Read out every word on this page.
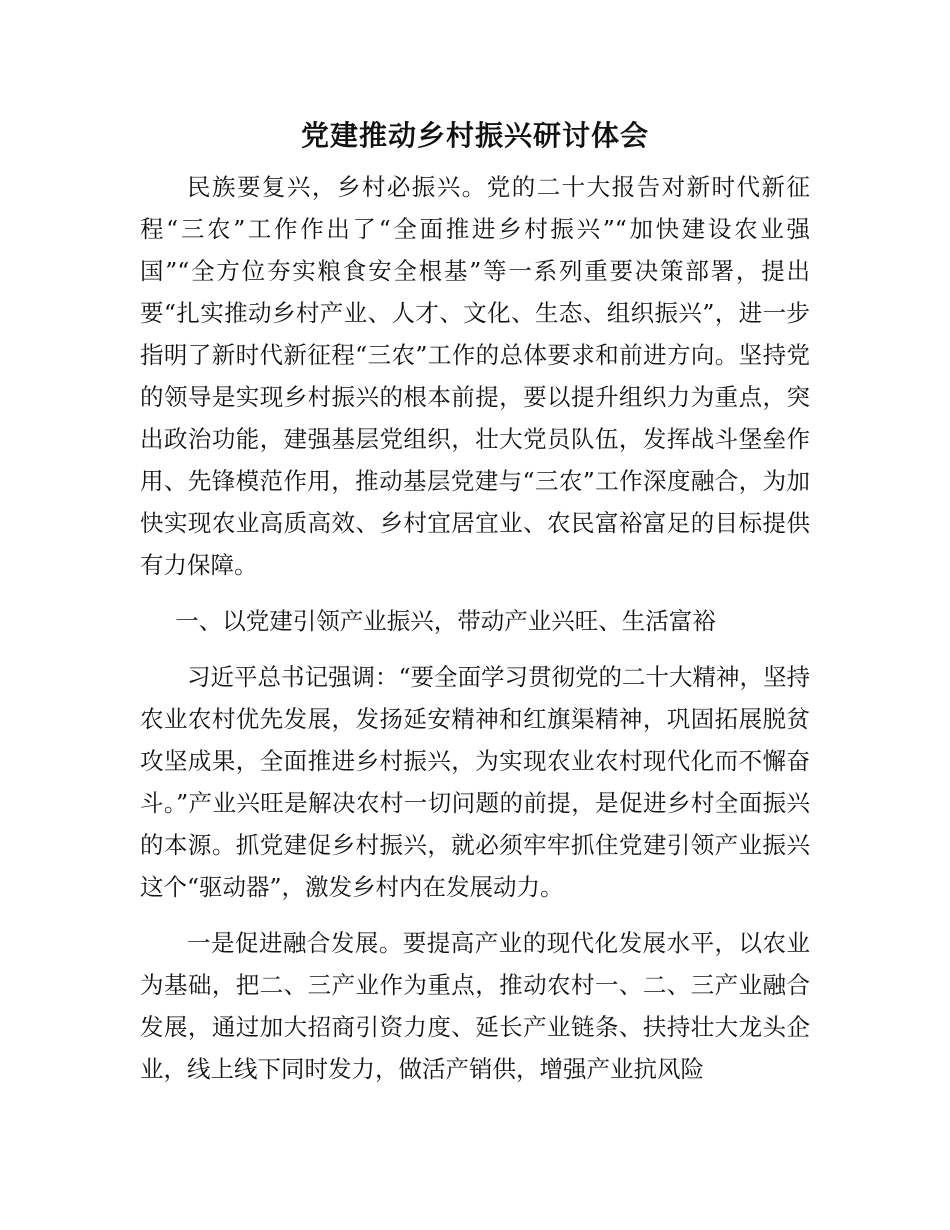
党建推动乡村振兴研讨体会

民族要复兴，乡村必振兴。党的二十大报告对新时代新征程“三农”工作作出了“全面推进乡村振兴”“加快建设农业强国”“全方位夯实粮食安全根基”等一系列重要决策部署，提出要“扎实推动乡村产业、人才、文化、生态、组织振兴”，进一步指明了新时代新征程“三农”工作的总体要求和前进方向。坚持党的领导是实现乡村振兴的根本前提，要以提升组织力为重点，突出政治功能，建强基层党组织，壮大党员队伍，发挥战斗堡垒作用、先锋模范作用，推动基层党建与“三农”工作深度融合，为加快实现农业高质高效、乡村宜居宜业、农民富裕富足的目标提供有力保障。

一、以党建引领产业振兴，带动产业兴旺、生活富裕

习近平总书记强调：“要全面学习贯彻党的二十大精神，坚持农业农村优先发展，发扬延安精神和红旗渠精神，巩固拓展脱贫攻坚成果，全面推进乡村振兴，为实现农业农村现代化而不懈奋斗。”产业兴旺是解决农村一切问题的前提，是促进乡村全面振兴的本源。抓党建促乡村振兴，就必须牢牢抓住党建引领产业振兴这个“驱动器”，激发乡村内在发展动力。

一是促进融合发展。要提高产业的现代化发展水平，以农业为基础，把二、三产业作为重点，推动农村一、二、三产业融合发展，通过加大招商引资力度、延长产业链条、扶持壮大龙头企业，线上线下同时发力，做活产销供，增强产业抗风险
